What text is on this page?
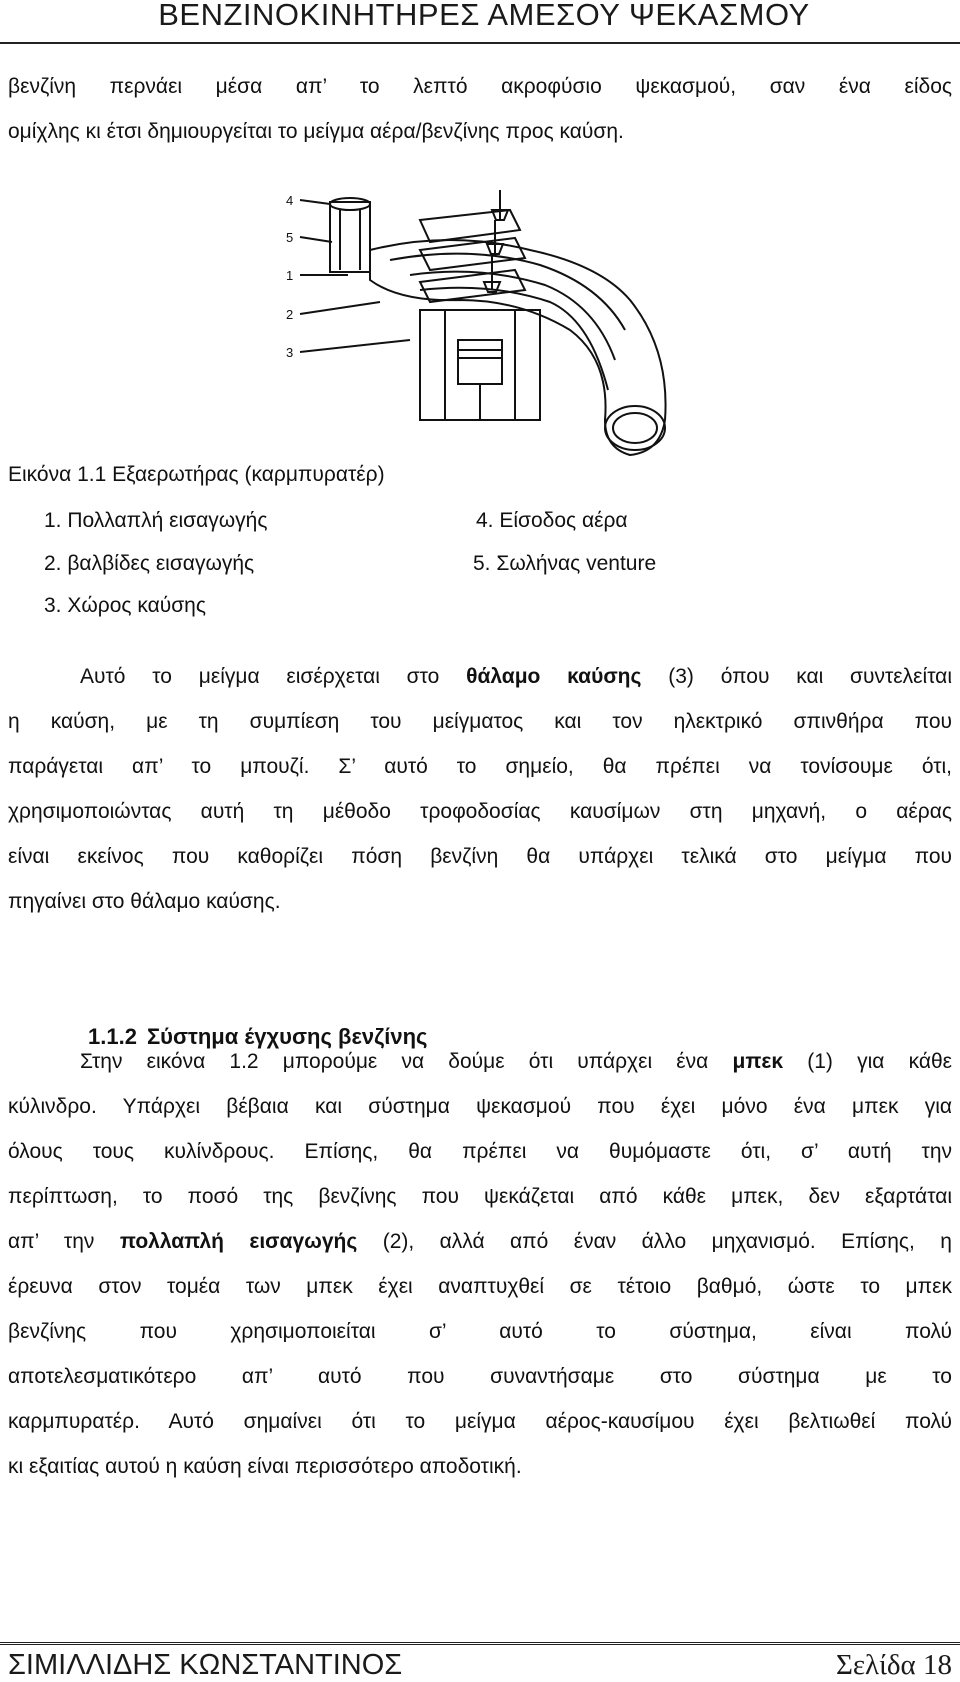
ΒΕΝΖΙΝΟΚΙΝΗΤΗΡΕΣ ΑΜΕΣΟΥ ΨΕΚΑΣΜΟΥ
βενζίνη περνάει μέσα απ’ το λεπτό ακροφύσιο ψεκασμού, σαν ένα είδος
ομίχλης κι έτσι δημιουργείται το μείγμα αέρα/βενζίνης προς καύση.
4
5
1
2
3
Εικόνα 1.1 Εξαερωτήρας (καρμπυρατέρ)
1. Πολλαπλή εισαγωγής	4. Είσοδος αέρα
2. βαλβίδες εισαγωγής	5. Σωλήνας venture
3. Χώρος καύσης
Αυτό το μείγμα εισέρχεται στο θάλαμο καύσης (3) όπου και συντελείται
η καύση, με τη συμπίεση του μείγματος και τον ηλεκτρικό σπινθήρα που
παράγεται απ’ το μπουζί. Σ’ αυτό το σημείο, θα πρέπει να τονίσουμε ότι,
χρησιμοποιώντας αυτή τη μέθοδο τροφοδοσίας καυσίμων στη μηχανή, ο αέρας
είναι εκείνος που καθορίζει πόση βενζίνη θα υπάρχει τελικά στο μείγμα που
πηγαίνει στο θάλαμο καύσης.
1.1.2 Σύστημα έγχυσης βενζίνης
Στην εικόνα 1.2 μπορούμε να δούμε ότι υπάρχει ένα μπεκ (1) για κάθε
κύλινδρο. Υπάρχει βέβαια και σύστημα ψεκασμού που έχει μόνο ένα μπεκ για
όλους τους κυλίνδρους. Επίσης, θα πρέπει να θυμόμαστε ότι, σ’ αυτή την
περίπτωση, το ποσό της βενζίνης που ψεκάζεται από κάθε μπεκ, δεν εξαρτάται
απ’ την πολλαπλή εισαγωγής (2), αλλά από έναν άλλο μηχανισμό. Επίσης, η
έρευνα στον τομέα των μπεκ έχει αναπτυχθεί σε τέτοιο βαθμό, ώστε το μπεκ
βενζίνης που χρησιμοποιείται σ’ αυτό το σύστημα, είναι πολύ
αποτελεσματικότερο απ’ αυτό που συναντήσαμε στο σύστημα με το
καρμπυρατέρ. Αυτό σημαίνει ότι το μείγμα αέρος-καυσίμου έχει βελτιωθεί πολύ
κι εξαιτίας αυτού η καύση είναι περισσότερο αποδοτική.
ΣΙΜΙΛΛΙΔΗΣ ΚΩΝΣΤΑΝΤΙΝΟΣ	Σελίδα 18
